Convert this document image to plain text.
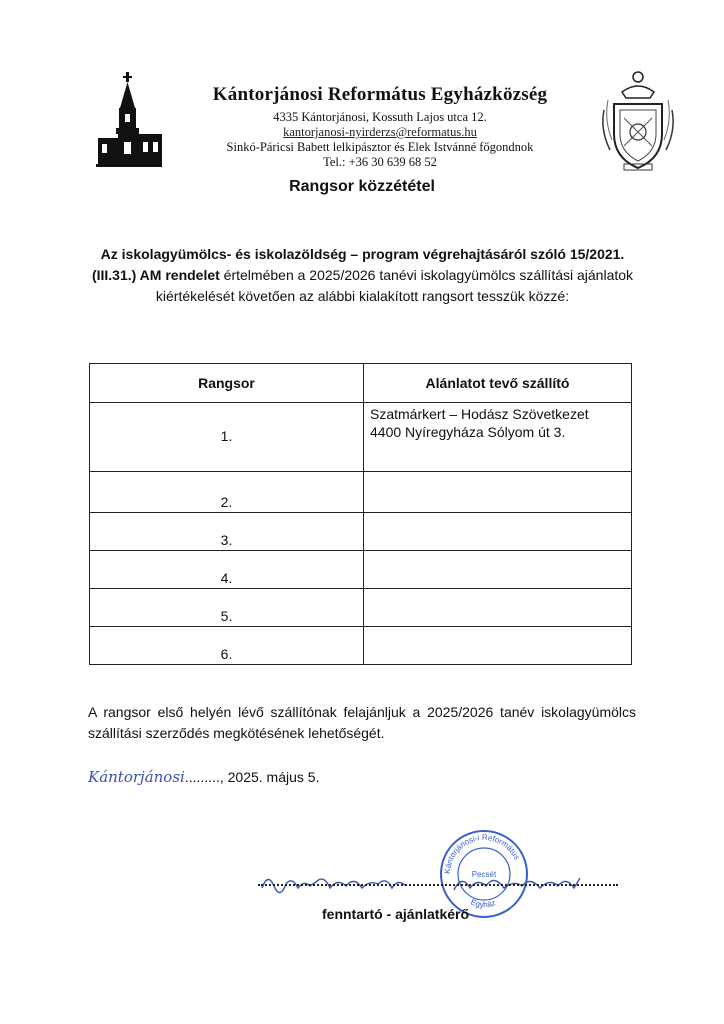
Kántorjánosi Református Egyházközség
4335 Kántorjánosi, Kossuth Lajos utca 12.
kantorjanosi-nyirderzs@reformatus.hu
Sinkó-Páricsi Babett lelkipásztor és Elek Istvánné főgondnok
Tel.: +36 30 639 68 52
Rangsor közzététel
Az iskolagyümölcs- és iskolazöldség – program végrehajtásáról szóló 15/2021.(III.31.) AM rendelet értelmében a 2025/2026 tanévi iskolagyümölcs szállítási ajánlatok kiértékelését követően az alábbi kialakított rangsort tesszük közzé:
Rangsor	Alánlatot tevő szállító
1.	Szatmárkert – Hodász Szövetkezet
4400 Nyíregyháza Sólyom út 3.

2.	
3.	
4.	
5.	
6.	
A rangsor első helyén lévő szállítónak felajánljuk a 2025/2026 tanév iskolagyümölcs szállítási szerződés megkötésének lehetőségét.
Kántorjánosi........., 2025. május 5.
Kántorjánosi-i Református
Egyház
Pecsét
fenntartó - ajánlatkérő
